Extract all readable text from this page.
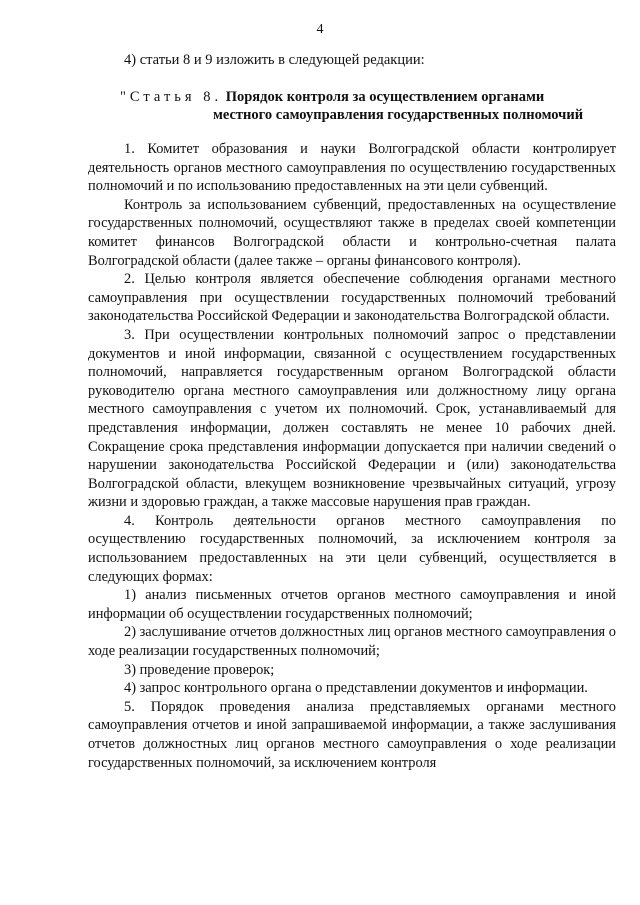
4
4) статьи 8 и 9 изложить в следующей редакции:
"Статья 8. Порядок контроля за осуществлением органами
местного самоуправления государственных полномочий

1. Комитет образования и науки Волгоградской области контролирует деятельность органов местного самоуправления по осуществлению государственных полномочий и по использованию предоставленных на эти цели субвенций.

Контроль за использованием субвенций, предоставленных на осуществление государственных полномочий, осуществляют также в пределах своей компетенции комитет финансов Волгоградской области и контрольно-счетная палата Волгоградской области (далее также – органы финансового контроля).

2. Целью контроля является обеспечение соблюдения органами местного самоуправления при осуществлении государственных полномочий требований законодательства Российской Федерации и законодательства Волгоградской области.

3. При осуществлении контрольных полномочий запрос о представлении документов и иной информации, связанной с осуществлением государственных полномочий, направляется государственным органом Волгоградской области руководителю органа местного самоуправления или должностному лицу органа местного самоуправления с учетом их полномочий. Срок, устанавливаемый для представления информации, должен составлять не менее 10 рабочих дней. Сокращение срока представления информации допускается при наличии сведений о нарушении законодательства Российской Федерации и (или) законодательства Волгоградской области, влекущем возникновение чрезвычайных ситуаций, угрозу жизни и здоровью граждан, а также массовые нарушения прав граждан.

4. Контроль деятельности органов местного самоуправления по осуществлению государственных полномочий, за исключением контроля за использованием предоставленных на эти цели субвенций, осуществляется в следующих формах:

1) анализ письменных отчетов органов местного самоуправления и иной информации об осуществлении государственных полномочий;

2) заслушивание отчетов должностных лиц органов местного самоуправления о ходе реализации государственных полномочий;

3) проведение проверок;

4) запрос контрольного органа о представлении документов и информации.

5. Порядок проведения анализа представляемых органами местного самоуправления отчетов и иной запрашиваемой информации, а также заслушивания отчетов должностных лиц органов местного самоуправления о ходе реализации государственных полномочий, за исключением контроля
